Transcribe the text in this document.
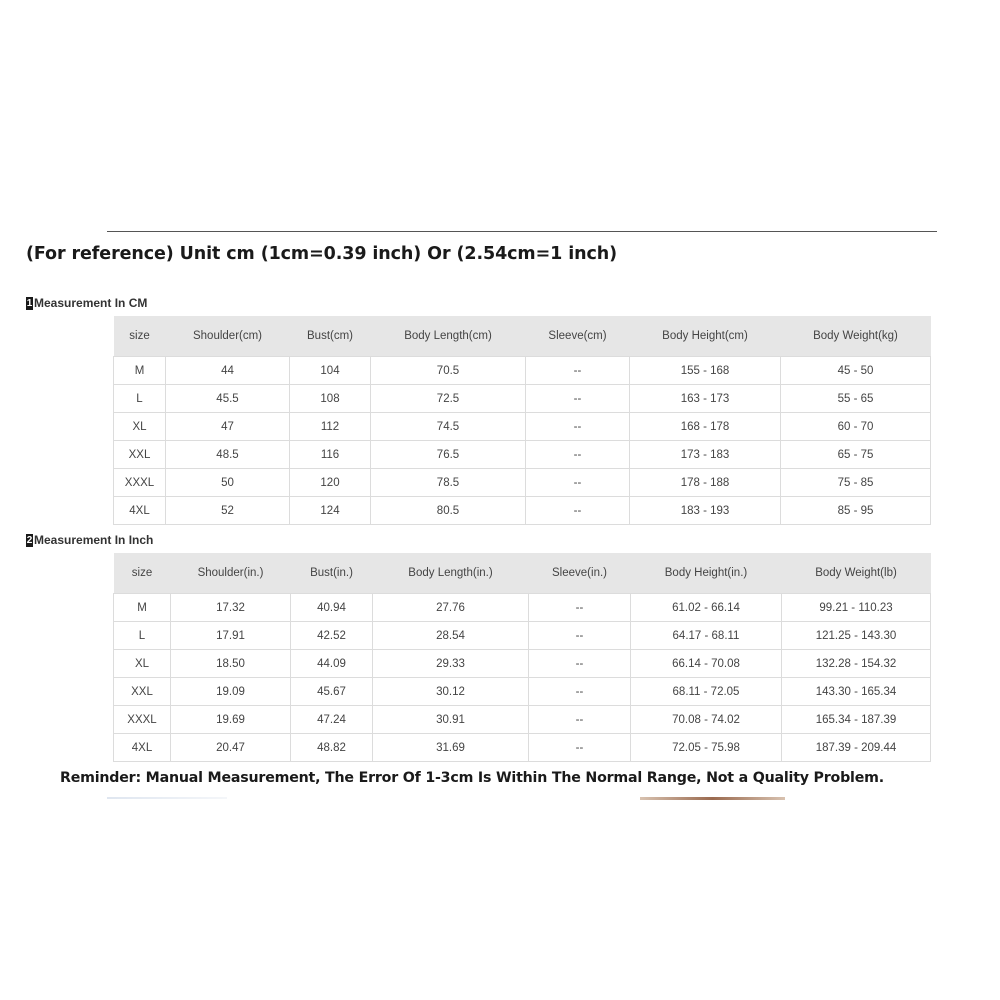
(For reference) Unit cm (1cm=0.39 inch) Or (2.54cm=1 inch)
1 Measurement In CM
size	Shoulder(cm)	Bust(cm)	Body Length(cm)	Sleeve(cm)	Body Height(cm)	Body Weight(kg)
M	44	104	70.5	--	155 - 168	45 - 50
L	45.5	108	72.5	--	163 - 173	55 - 65
XL	47	112	74.5	--	168 - 178	60 - 70
XXL	48.5	116	76.5	--	173 - 183	65 - 75
XXXL	50	120	78.5	--	178 - 188	75 - 85
4XL	52	124	80.5	--	183 - 193	85 - 95
2 Measurement In Inch
size	Shoulder(in.)	Bust(in.)	Body Length(in.)	Sleeve(in.)	Body Height(in.)	Body Weight(lb)
M	17.32	40.94	27.76	--	61.02 - 66.14	99.21 - 110.23
L	17.91	42.52	28.54	--	64.17 - 68.11	121.25 - 143.30
XL	18.50	44.09	29.33	--	66.14 - 70.08	132.28 - 154.32
XXL	19.09	45.67	30.12	--	68.11 - 72.05	143.30 - 165.34
XXXL	19.69	47.24	30.91	--	70.08 - 74.02	165.34 - 187.39
4XL	20.47	48.82	31.69	--	72.05 - 75.98	187.39 - 209.44

Reminder: Manual Measurement, The Error Of 1-3cm Is Within The Normal Range, Not a Quality Problem.
